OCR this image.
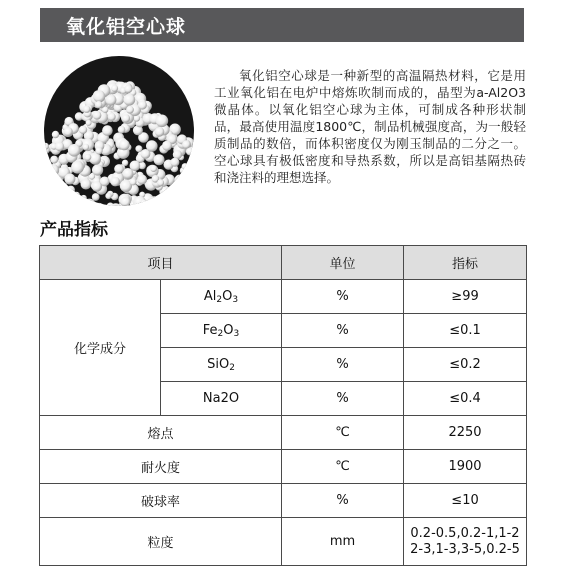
氧化铝空心球

氧化铝空心球是一种新型的高温隔热材料，它是用工业氧化铝在电炉中熔炼吹制而成的，晶型为a-Al2O3微晶体。以氧化铝空心球为主体，可制成各种形状制品，最高使用温度1800℃，制品机械强度高，为一般轻质制品的数倍，而体积密度仅为刚玉制品的二分之一。空心球具有极低密度和导热系数，所以是高铝基隔热砖和浇注料的理想选择。

产品指标
项目		单位	指标
化学成分	$Al_2O_3$	%	≥99
	$Fe_2O_3$	%	≤0.1
	SiO$_2$	%	≤0.2
	Na2O	%	≤0.4
熔点		℃	2250
耐火度		℃	1900
破球率		%	≤10
粒度		mm	0.2-0.5,0.2-1,1-2
2-3,1-3,3-5,0.2-5
